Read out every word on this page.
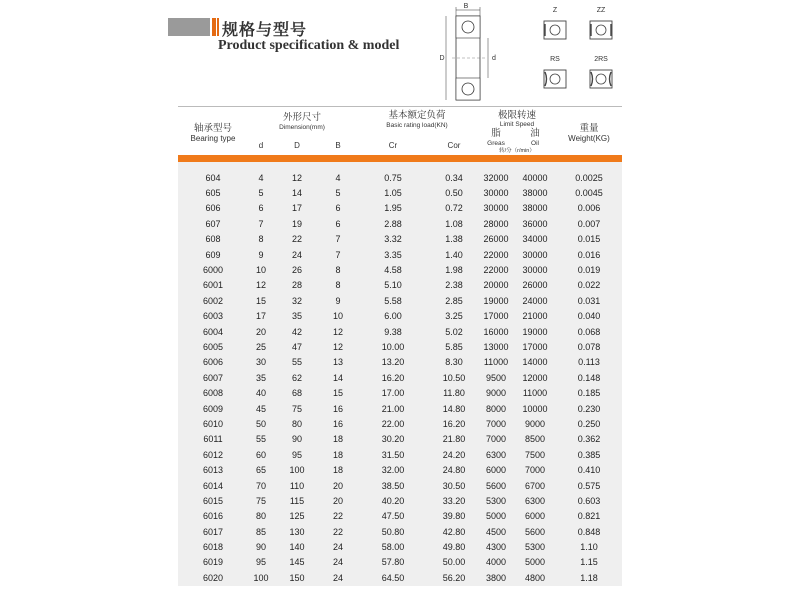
规格与型号
Product specification & model
B
D	d
Z	ZZ
RS	2RS
轴承型号
Bearing type
外形尺寸
Dimension(mm)
d	D	B
基本额定负荷
Basic rating load(KN)
Cr	Cor
极限转速
Limit Speed
脂	油
Greas	Oil
转/分（r/min）
重量
Weight(KG)
604	4	12	4	0.75	0.34	32000	40000	0.0025
605	5	14	5	1.05	0.50	30000	38000	0.0045
606	6	17	6	1.95	0.72	30000	38000	0.006
607	7	19	6	2.88	1.08	28000	36000	0.007
608	8	22	7	3.32	1.38	26000	34000	0.015
609	9	24	7	3.35	1.40	22000	30000	0.016
6000	10	26	8	4.58	1.98	22000	30000	0.019
6001	12	28	8	5.10	2.38	20000	26000	0.022
6002	15	32	9	5.58	2.85	19000	24000	0.031
6003	17	35	10	6.00	3.25	17000	21000	0.040
6004	20	42	12	9.38	5.02	16000	19000	0.068
6005	25	47	12	10.00	5.85	13000	17000	0.078
6006	30	55	13	13.20	8.30	11000	14000	0.113
6007	35	62	14	16.20	10.50	9500	12000	0.148
6008	40	68	15	17.00	11.80	9000	11000	0.185
6009	45	75	16	21.00	14.80	8000	10000	0.230
6010	50	80	16	22.00	16.20	7000	9000	0.250
6011	55	90	18	30.20	21.80	7000	8500	0.362
6012	60	95	18	31.50	24.20	6300	7500	0.385
6013	65	100	18	32.00	24.80	6000	7000	0.410
6014	70	110	20	38.50	30.50	5600	6700	0.575
6015	75	115	20	40.20	33.20	5300	6300	0.603
6016	80	125	22	47.50	39.80	5000	6000	0.821
6017	85	130	22	50.80	42.80	4500	5600	0.848
6018	90	140	24	58.00	49.80	4300	5300	1.10
6019	95	145	24	57.80	50.00	4000	5000	1.15
6020	100	150	24	64.50	56.20	3800	4800	1.18
